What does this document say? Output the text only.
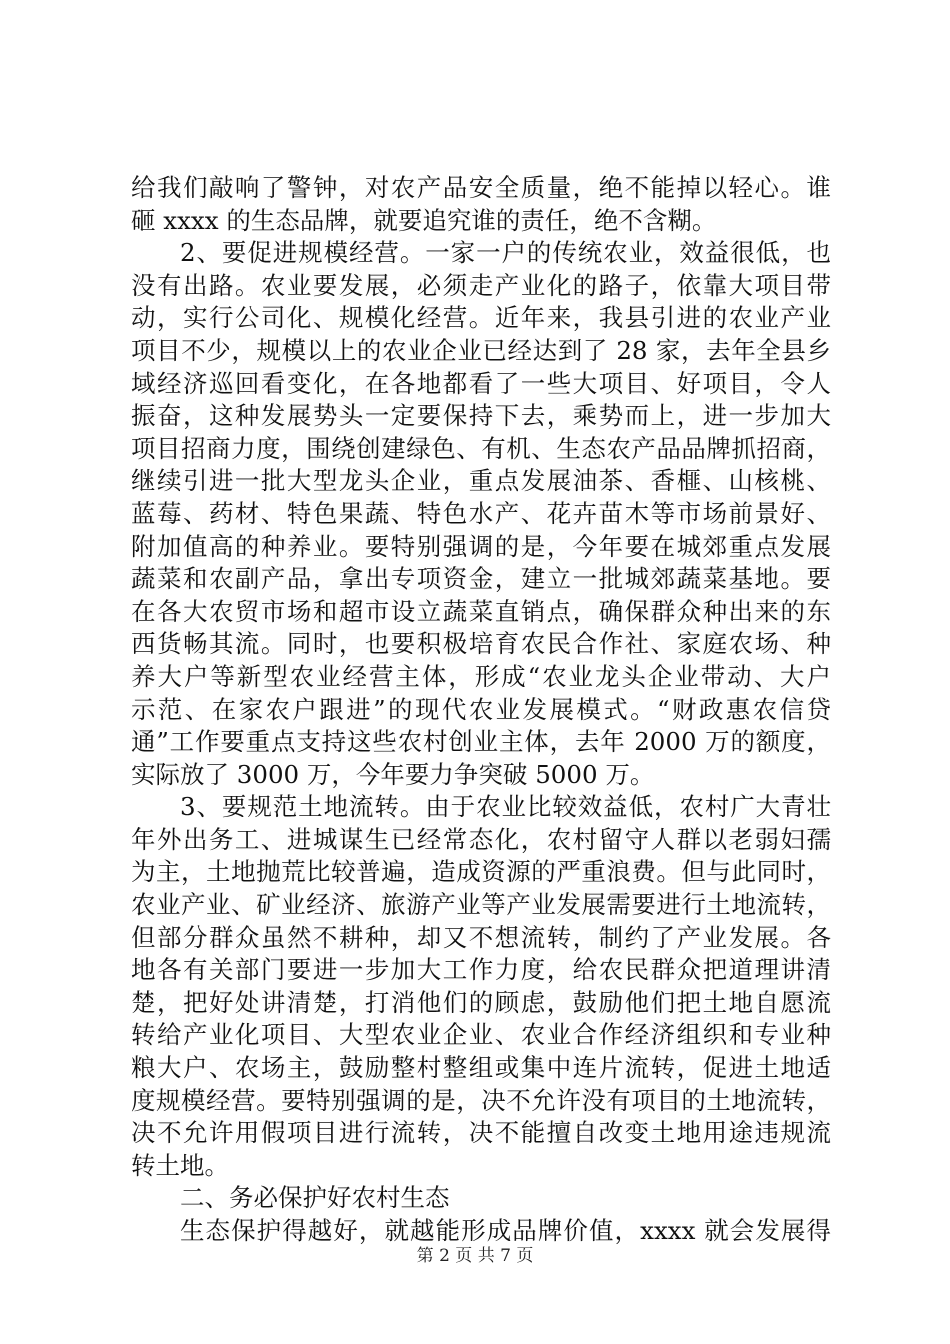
给我们敲响了警钟，对农产品安全质量，绝不能掉以轻心。谁
砸 xxxx 的生态品牌，就要追究谁的责任，绝不含糊。
2、要促进规模经营。一家一户的传统农业，效益很低，也
没有出路。农业要发展，必须走产业化的路子，依靠大项目带
动，实行公司化、规模化经营。近年来，我县引进的农业产业
项目不少，规模以上的农业企业已经达到了 28 家，去年全县乡
域经济巡回看变化，在各地都看了一些大项目、好项目，令人
振奋，这种发展势头一定要保持下去，乘势而上，进一步加大
项目招商力度，围绕创建绿色、有机、生态农产品品牌抓招商，
继续引进一批大型龙头企业，重点发展油茶、香榧、山核桃、
蓝莓、药材、特色果蔬、特色水产、花卉苗木等市场前景好、
附加值高的种养业。要特别强调的是，今年要在城郊重点发展
蔬菜和农副产品，拿出专项资金，建立一批城郊蔬菜基地。要
在各大农贸市场和超市设立蔬菜直销点，确保群众种出来的东
西货畅其流。同时，也要积极培育农民合作社、家庭农场、种
养大户等新型农业经营主体，形成“农业龙头企业带动、大户
示范、在家农户跟进”的现代农业发展模式。“财政惠农信贷
通”工作要重点支持这些农村创业主体，去年 2000 万的额度，
实际放了 3000 万，今年要力争突破 5000 万。
3、要规范土地流转。由于农业比较效益低，农村广大青壮
年外出务工、进城谋生已经常态化，农村留守人群以老弱妇孺
为主，土地抛荒比较普遍，造成资源的严重浪费。但与此同时，
农业产业、矿业经济、旅游产业等产业发展需要进行土地流转，
但部分群众虽然不耕种，却又不想流转，制约了产业发展。各
地各有关部门要进一步加大工作力度，给农民群众把道理讲清
楚，把好处讲清楚，打消他们的顾虑，鼓励他们把土地自愿流
转给产业化项目、大型农业企业、农业合作经济组织和专业种
粮大户、农场主，鼓励整村整组或集中连片流转，促进土地适
度规模经营。要特别强调的是，决不允许没有项目的土地流转，
决不允许用假项目进行流转，决不能擅自改变土地用途违规流
转土地。
二、务必保护好农村生态
生态保护得越好，就越能形成品牌价值，xxxx 就会发展得
第 2 页 共 7 页
